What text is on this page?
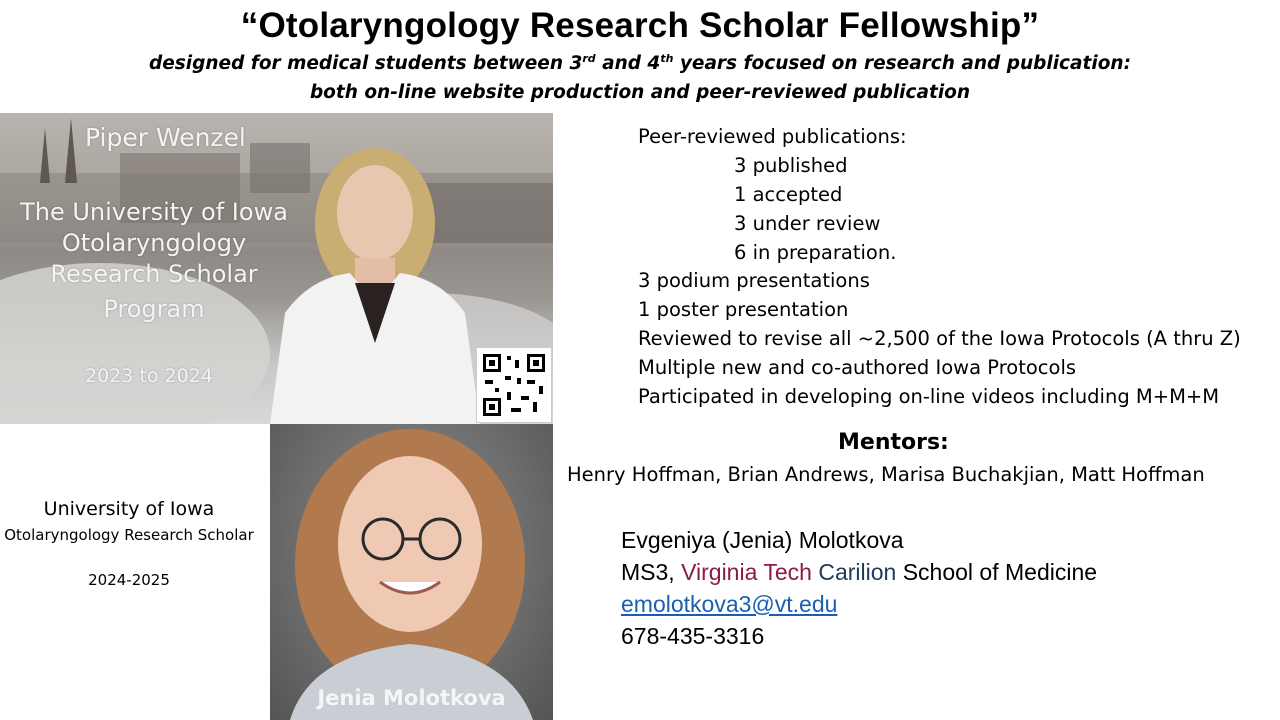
“Otolaryngology Research Scholar Fellowship”
designed for medical students between 3rd and 4th years focused on research and publication:
both on-line website production and peer-reviewed publication
Piper Wenzel
The University of Iowa
Otolaryngology
Research Scholar
Program
2023 to 2024
University of Iowa
Otolaryngology Research Scholar
2024-2025
Jenia Molotkova
Peer-reviewed publications:
3 published
1 accepted
3 under review
6 in preparation.
3 podium presentations
1 poster presentation
Reviewed to revise all ~2,500 of the Iowa Protocols (A thru Z)
Multiple new and co-authored Iowa Protocols
Participated in developing on-line videos including M+M+M
Mentors:
Henry Hoffman, Brian Andrews, Marisa Buchakjian, Matt Hoffman
Evgeniya (Jenia) Molotkova
MS3, Virginia Tech Carilion School of Medicine
emolotkova3@vt.edu
678-435-3316
